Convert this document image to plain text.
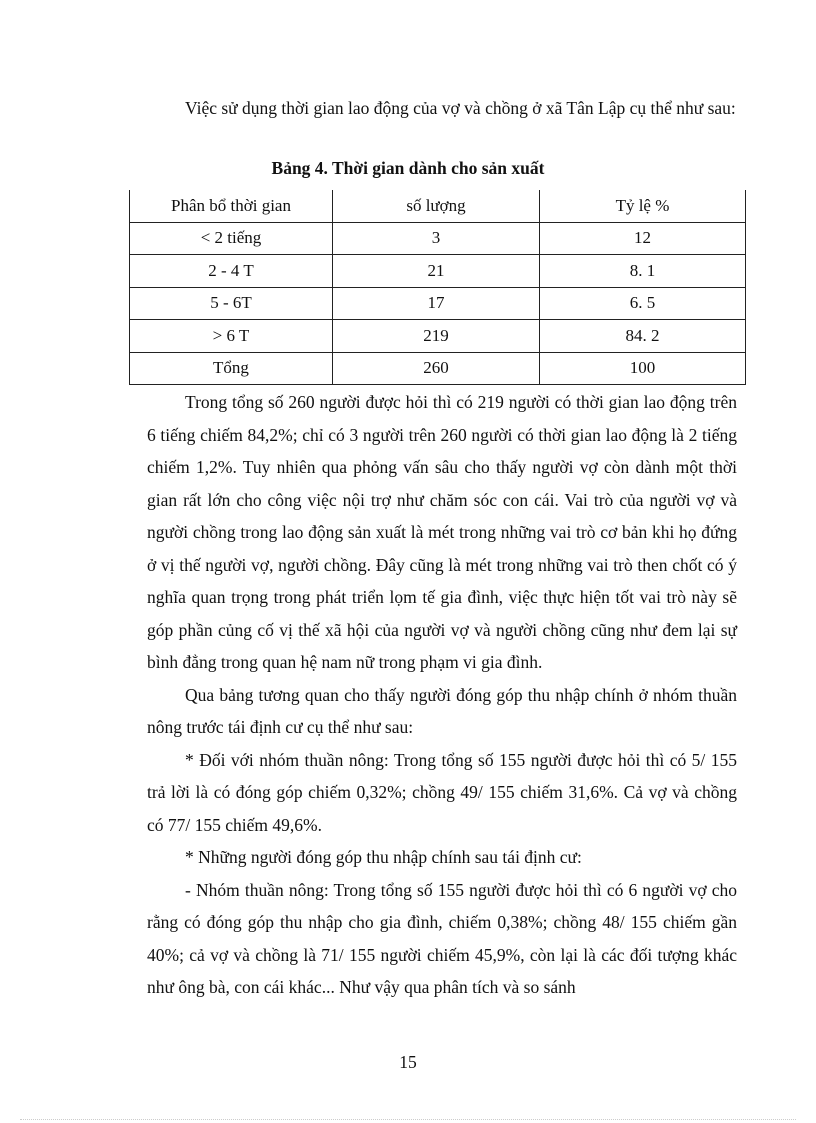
Việc sử dụng thời gian lao động của vợ và chồng ở xã Tân Lập cụ thể như sau:

Bảng 4. Thời gian dành cho sản xuất
Phân bổ thời gian	số lượng	Tỷ lệ %
< 2 tiếng	3	12
2 - 4 T	21	8. 1
5 - 6T	17	6. 5
> 6 T	219	84. 2
Tổng	260	100

Trong tổng số 260 người được hỏi thì có 219 người có thời gian lao động trên 6 tiếng chiếm 84,2%; chỉ có 3 người trên 260 người có thời gian lao động là 2 tiếng chiếm 1,2%. Tuy nhiên qua phỏng vấn sâu cho thấy người vợ còn dành một thời gian rất lớn cho công việc nội trợ như chăm sóc con cái. Vai trò của người vợ và người chồng trong lao động sản xuất là mét trong những vai trò cơ bản khi họ đứng ở vị thế người vợ, người chồng. Đây cũng là mét trong những vai trò then chốt có ý nghĩa quan trọng trong phát triển lọm tế gia đình, việc thực hiện tốt vai trò này sẽ góp phần củng cố vị thế xã hội của người vợ và người chồng cũng như đem lại sự bình đẳng trong quan hệ nam nữ trong phạm vi gia đình.

Qua bảng tương quan cho thấy người đóng góp thu nhập chính ở nhóm thuần nông trước tái định cư cụ thể như sau:

* Đối với nhóm thuần nông: Trong tổng số 155 người được hỏi thì có 5/ 155 trả lời là có đóng góp chiếm 0,32%; chồng 49/ 155 chiếm 31,6%. Cả vợ và chồng có 77/ 155 chiếm 49,6%.

* Những người đóng góp thu nhập chính sau tái định cư:

- Nhóm thuần nông: Trong tổng số 155 người được hỏi thì có 6 người vợ cho rằng có đóng góp thu nhập cho gia đình, chiếm 0,38%; chồng 48/ 155 chiếm gần 40%; cả vợ và chồng là 71/ 155 người chiếm 45,9%, còn lại là các đối tượng khác như ông bà, con cái khác... Như vậy qua phân tích và so sánh

15
